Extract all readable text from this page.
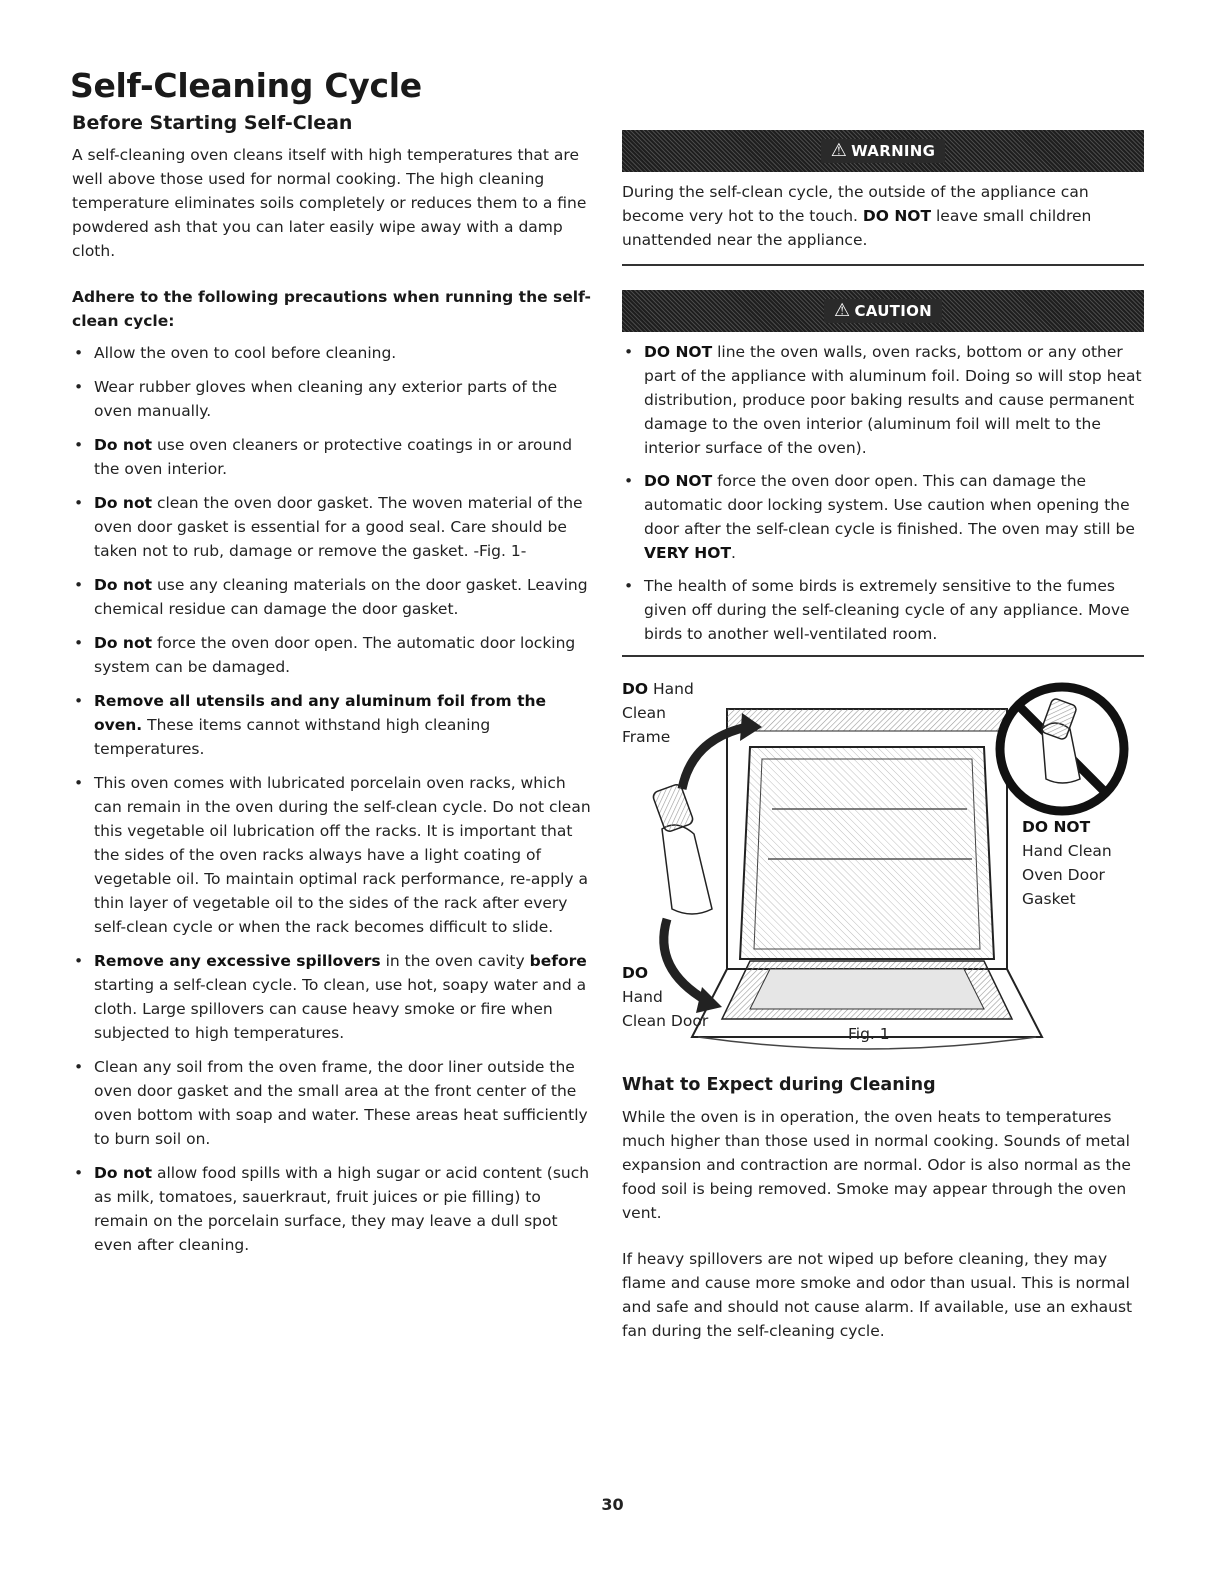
Self-Cleaning Cycle
Before Starting Self-Clean

A self-cleaning oven cleans itself with high temperatures that are well above those used for normal cooking. The high cleaning temperature eliminates soils completely or reduces them to a fine powdered ash that you can later easily wipe away with a damp cloth.

Adhere to the following precautions when running the self-clean cycle:

• Allow the oven to cool before cleaning.
• Wear rubber gloves when cleaning any exterior parts of the oven manually.
• Do not use oven cleaners or protective coatings in or around the oven interior.
• Do not clean the oven door gasket. The woven material of the oven door gasket is essential for a good seal. Care should be taken not to rub, damage or remove the gasket. -Fig. 1-
• Do not use any cleaning materials on the door gasket. Leaving chemical residue can damage the door gasket.
• Do not force the oven door open. The automatic door locking system can be damaged.
• Remove all utensils and any aluminum foil from the oven. These items cannot withstand high cleaning temperatures.
• This oven comes with lubricated porcelain oven racks, which can remain in the oven during the self-clean cycle. Do not clean this vegetable oil lubrication off the racks. It is important that the sides of the oven racks always have a light coating of vegetable oil. To maintain optimal rack performance, re-apply a thin layer of vegetable oil to the sides of the rack after every self-clean cycle or when the rack becomes difficult to slide.
• Remove any excessive spillovers in the oven cavity before starting a self-clean cycle. To clean, use hot, soapy water and a cloth. Large spillovers can cause heavy smoke or fire when subjected to high temperatures.
• Clean any soil from the oven frame, the door liner outside the oven door gasket and the small area at the front center of the oven bottom with soap and water. These areas heat sufficiently to burn soil on.
• Do not allow food spills with a high sugar or acid content (such as milk, tomatoes, sauerkraut, fruit juices or pie filling) to remain on the porcelain surface, they may leave a dull spot even after cleaning.
⚠ WARNING

During the self-clean cycle, the outside of the appliance can become very hot to the touch. DO NOT leave small children unattended near the appliance.

⚠ CAUTION
• DO NOT line the oven walls, oven racks, bottom or any other part of the appliance with aluminum foil. Doing so will stop heat distribution, produce poor baking results and cause permanent damage to the oven interior (aluminum foil will melt to the interior surface of the oven).
• DO NOT force the oven door open. This can damage the automatic door locking system. Use caution when opening the door after the self-clean cycle is finished. The oven may still be VERY HOT.
• The health of some birds is extremely sensitive to the fumes given off during the self-cleaning cycle of any appliance. Move birds to another well-ventilated room.
DO Hand
Clean
Frame
DO NOT
Hand Clean
Oven Door
Gasket
DO
Hand
Clean Door
Fig. 1
What to Expect during Cleaning

While the oven is in operation, the oven heats to temperatures much higher than those used in normal cooking. Sounds of metal expansion and contraction are normal. Odor is also normal as the food soil is being removed. Smoke may appear through the oven vent.

If heavy spillovers are not wiped up before cleaning, they may flame and cause more smoke and odor than usual. This is normal and safe and should not cause alarm. If available, use an exhaust fan during the self-cleaning cycle.

30
